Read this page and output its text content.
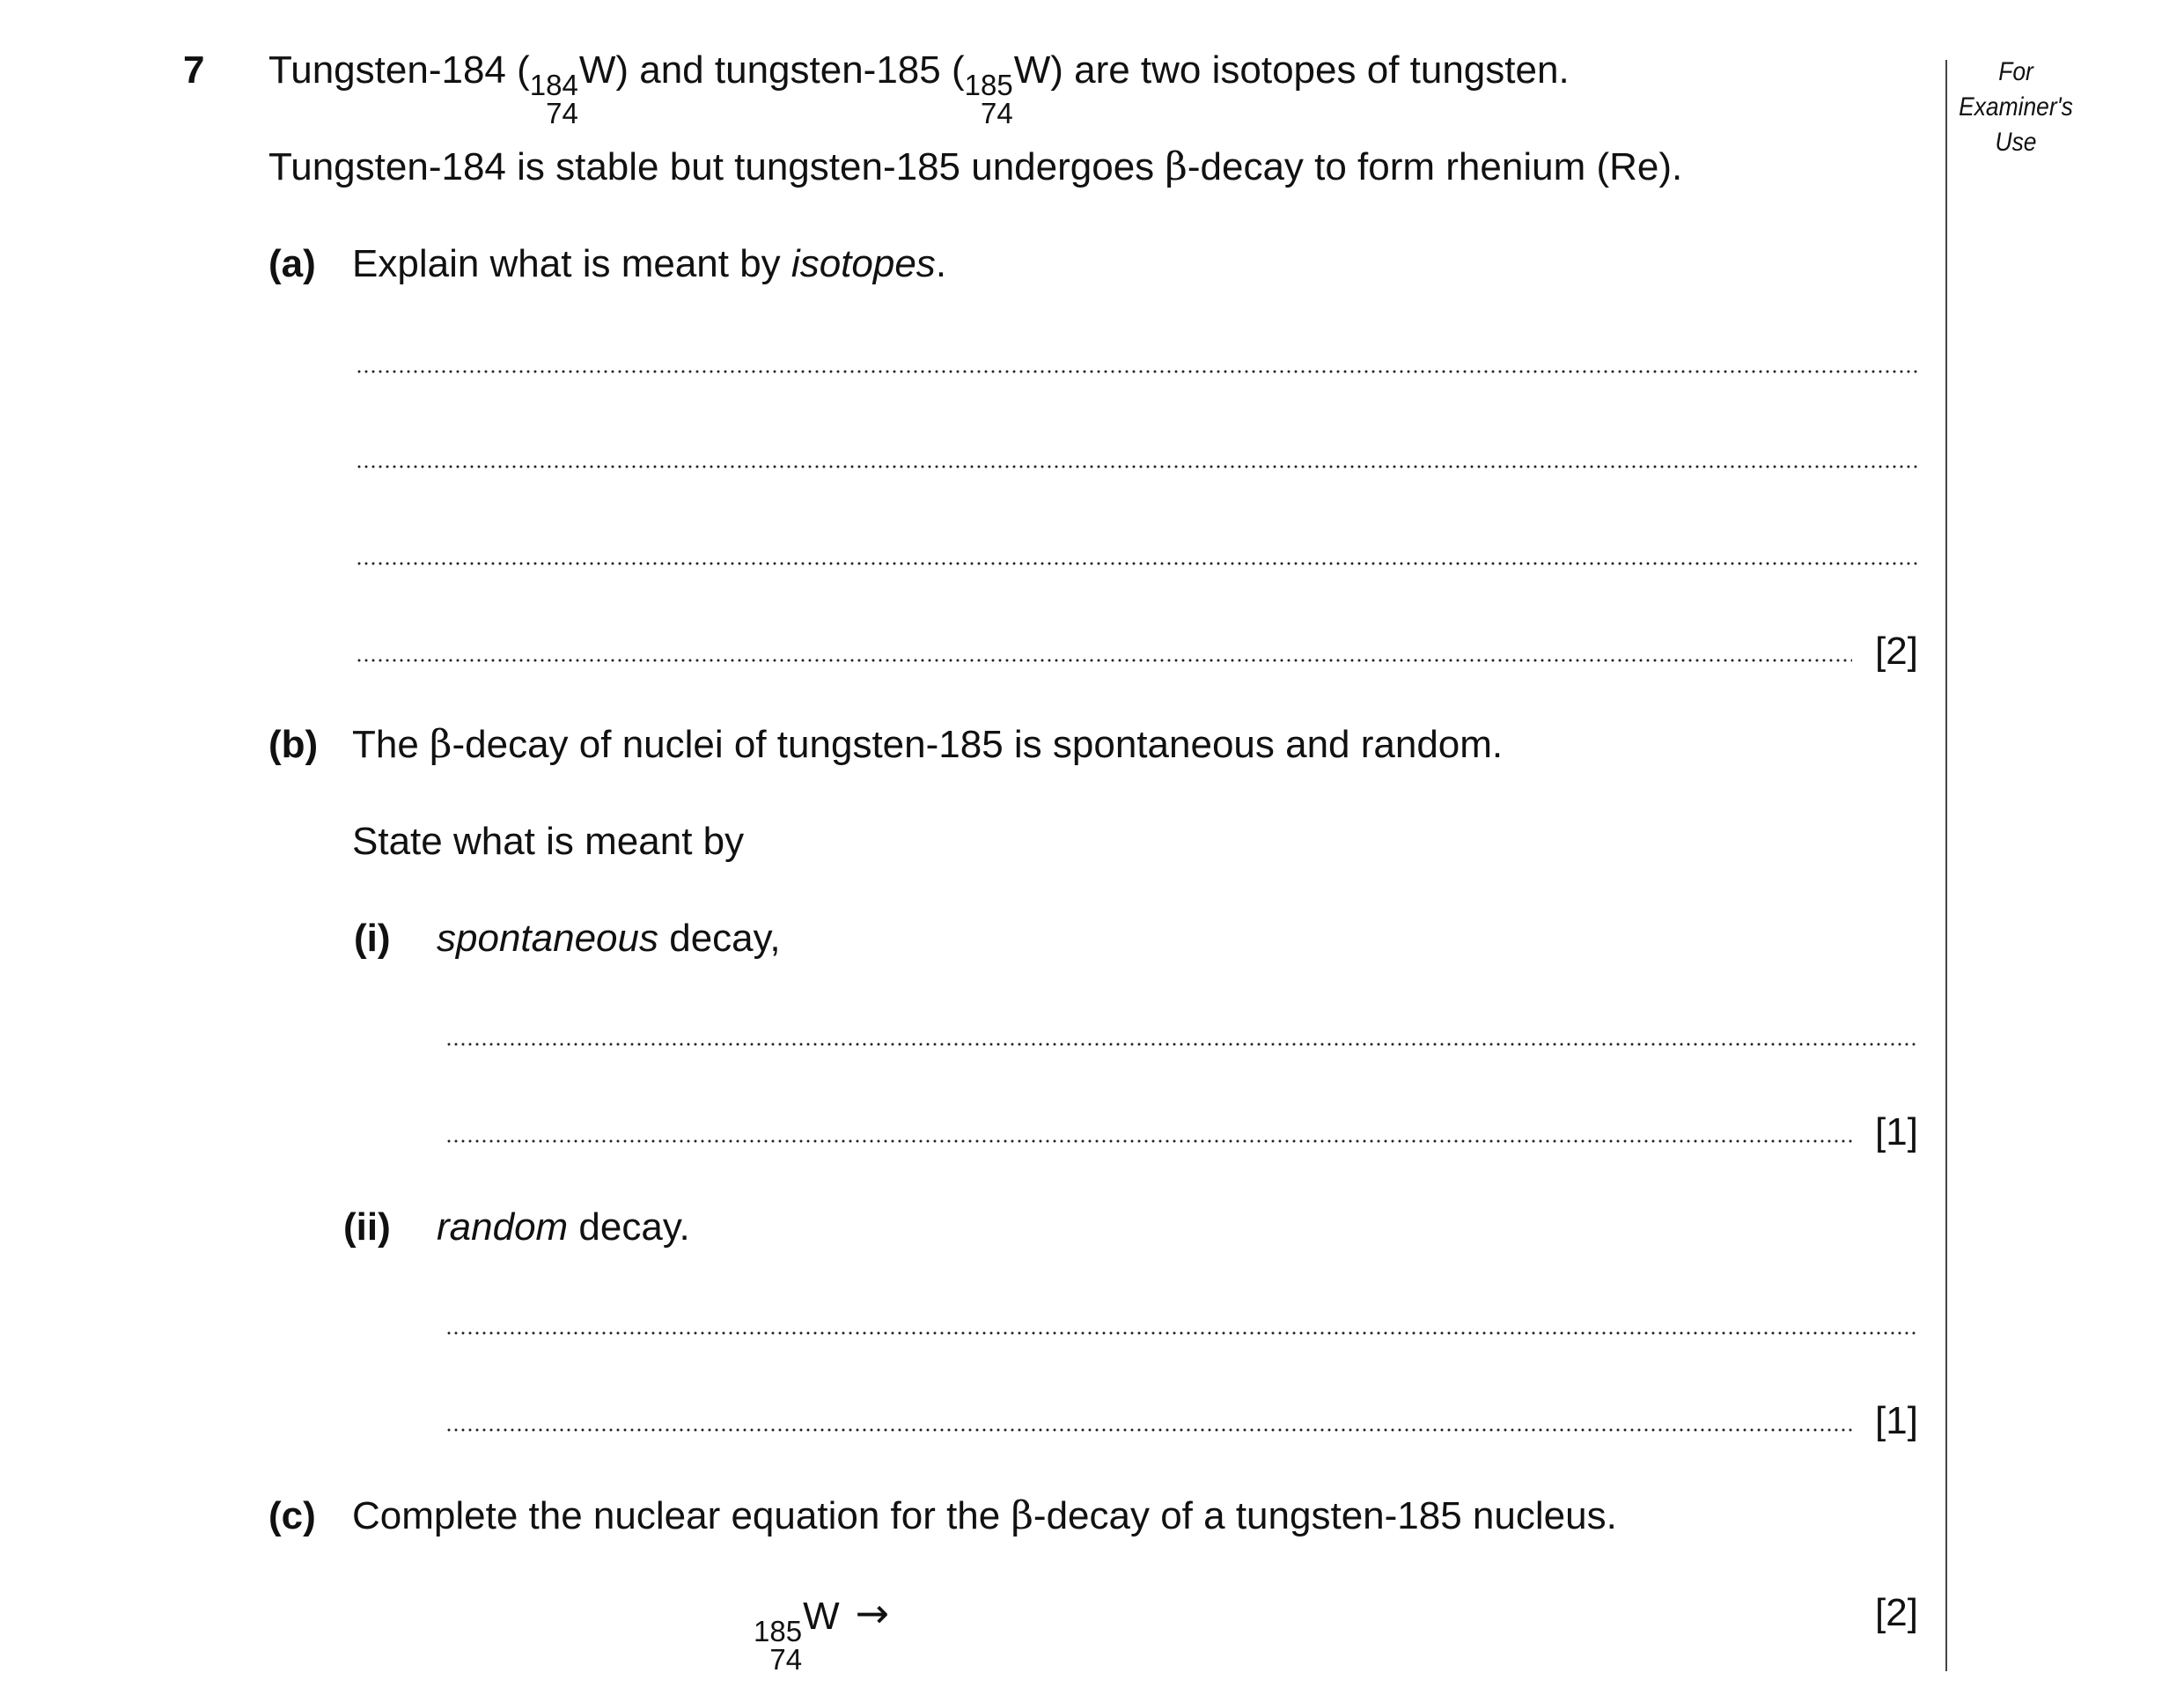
7 Tungsten-184 ( 184
74
W) and tungsten-185 ( 185
74
W) are two isotopes of tungsten.
Tungsten-184 is stable but tungsten-185 undergoes β-decay to form rhenium (Re).
(a) Explain what is meant by isotopes.
[2]
(b) The β-decay of nuclei of tungsten-185 is spontaneous and random.
State what is meant by
(i) spontaneous decay,
[1]
(ii) random decay.
[1]
(c) Complete the nuclear equation for the β-decay of a tungsten-185 nucleus.
185
74
W →	[2]
For
Examiner's
Use
